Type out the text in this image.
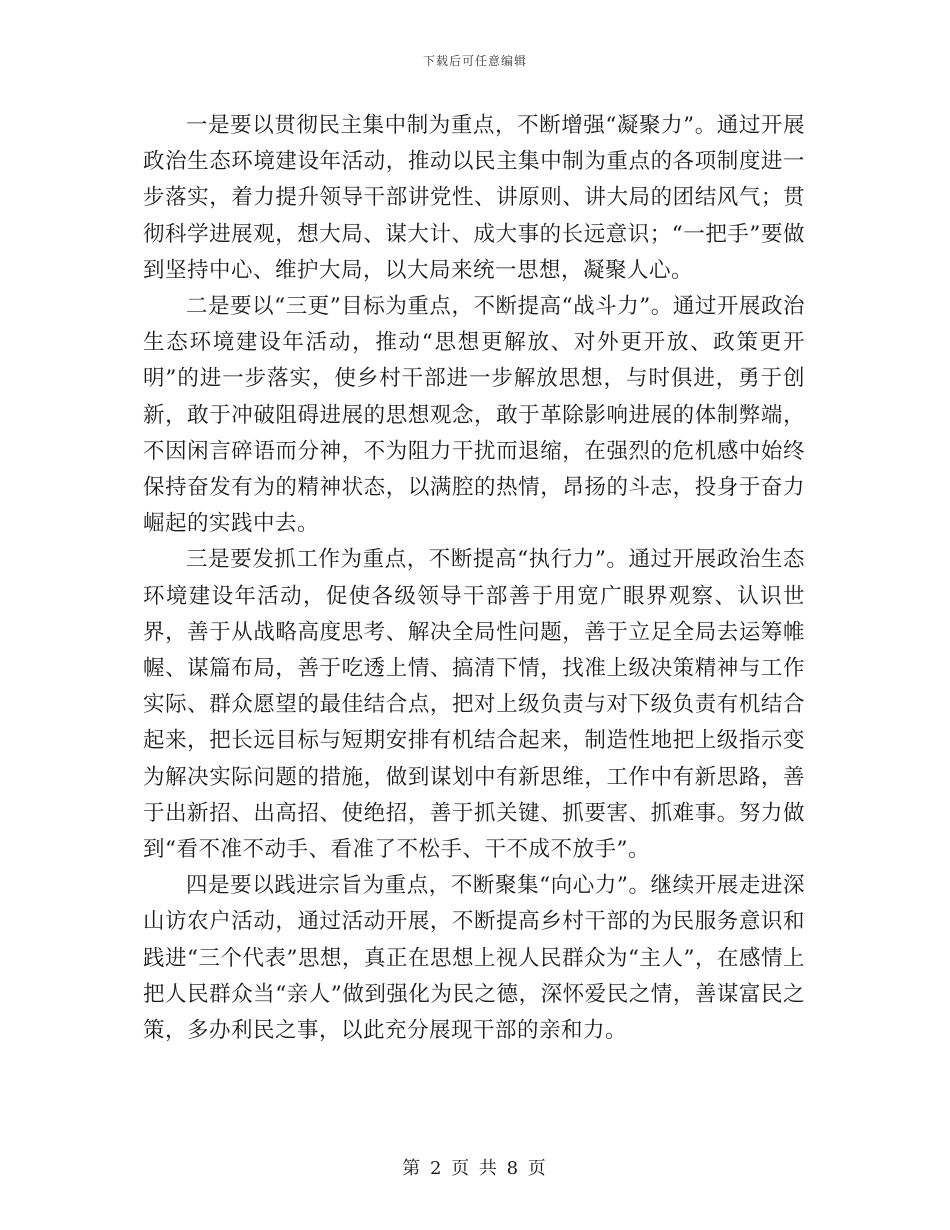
下载后可任意编辑

一是要以贯彻民主集中制为重点，不断增强“凝聚力”。通过开展政治生态环境建设年活动，推动以民主集中制为重点的各项制度进一步落实，着力提升领导干部讲党性、讲原则、讲大局的团结风气；贯彻科学进展观，想大局、谋大计、成大事的长远意识；“一把手”要做到坚持中心、维护大局，以大局来统一思想，凝聚人心。

二是要以“三更”目标为重点，不断提高“战斗力”。通过开展政治生态环境建设年活动，推动“思想更解放、对外更开放、政策更开明”的进一步落实，使乡村干部进一步解放思想，与时俱进，勇于创新，敢于冲破阻碍进展的思想观念，敢于革除影响进展的体制弊端，不因闲言碎语而分神，不为阻力干扰而退缩，在强烈的危机感中始终保持奋发有为的精神状态，以满腔的热情，昂扬的斗志，投身于奋力崛起的实践中去。

三是要发抓工作为重点，不断提高“执行力”。通过开展政治生态环境建设年活动，促使各级领导干部善于用宽广眼界观察、认识世界，善于从战略高度思考、解决全局性问题，善于立足全局去运筹帷幄、谋篇布局，善于吃透上情、搞清下情，找准上级决策精神与工作实际、群众愿望的最佳结合点，把对上级负责与对下级负责有机结合起来，把长远目标与短期安排有机结合起来，制造性地把上级指示变为解决实际问题的措施，做到谋划中有新思维，工作中有新思路，善于出新招、出高招、使绝招，善于抓关键、抓要害、抓难事。努力做到“看不准不动手、看准了不松手、干不成不放手”。

四是要以践进宗旨为重点，不断聚集“向心力”。继续开展走进深山访农户活动，通过活动开展，不断提高乡村干部的为民服务意识和践进“三个代表”思想，真正在思想上视人民群众为“主人”，在感情上把人民群众当“亲人”做到强化为民之德，深怀爱民之情，善谋富民之策，多办利民之事，以此充分展现干部的亲和力。

第 2 页 共 8 页
